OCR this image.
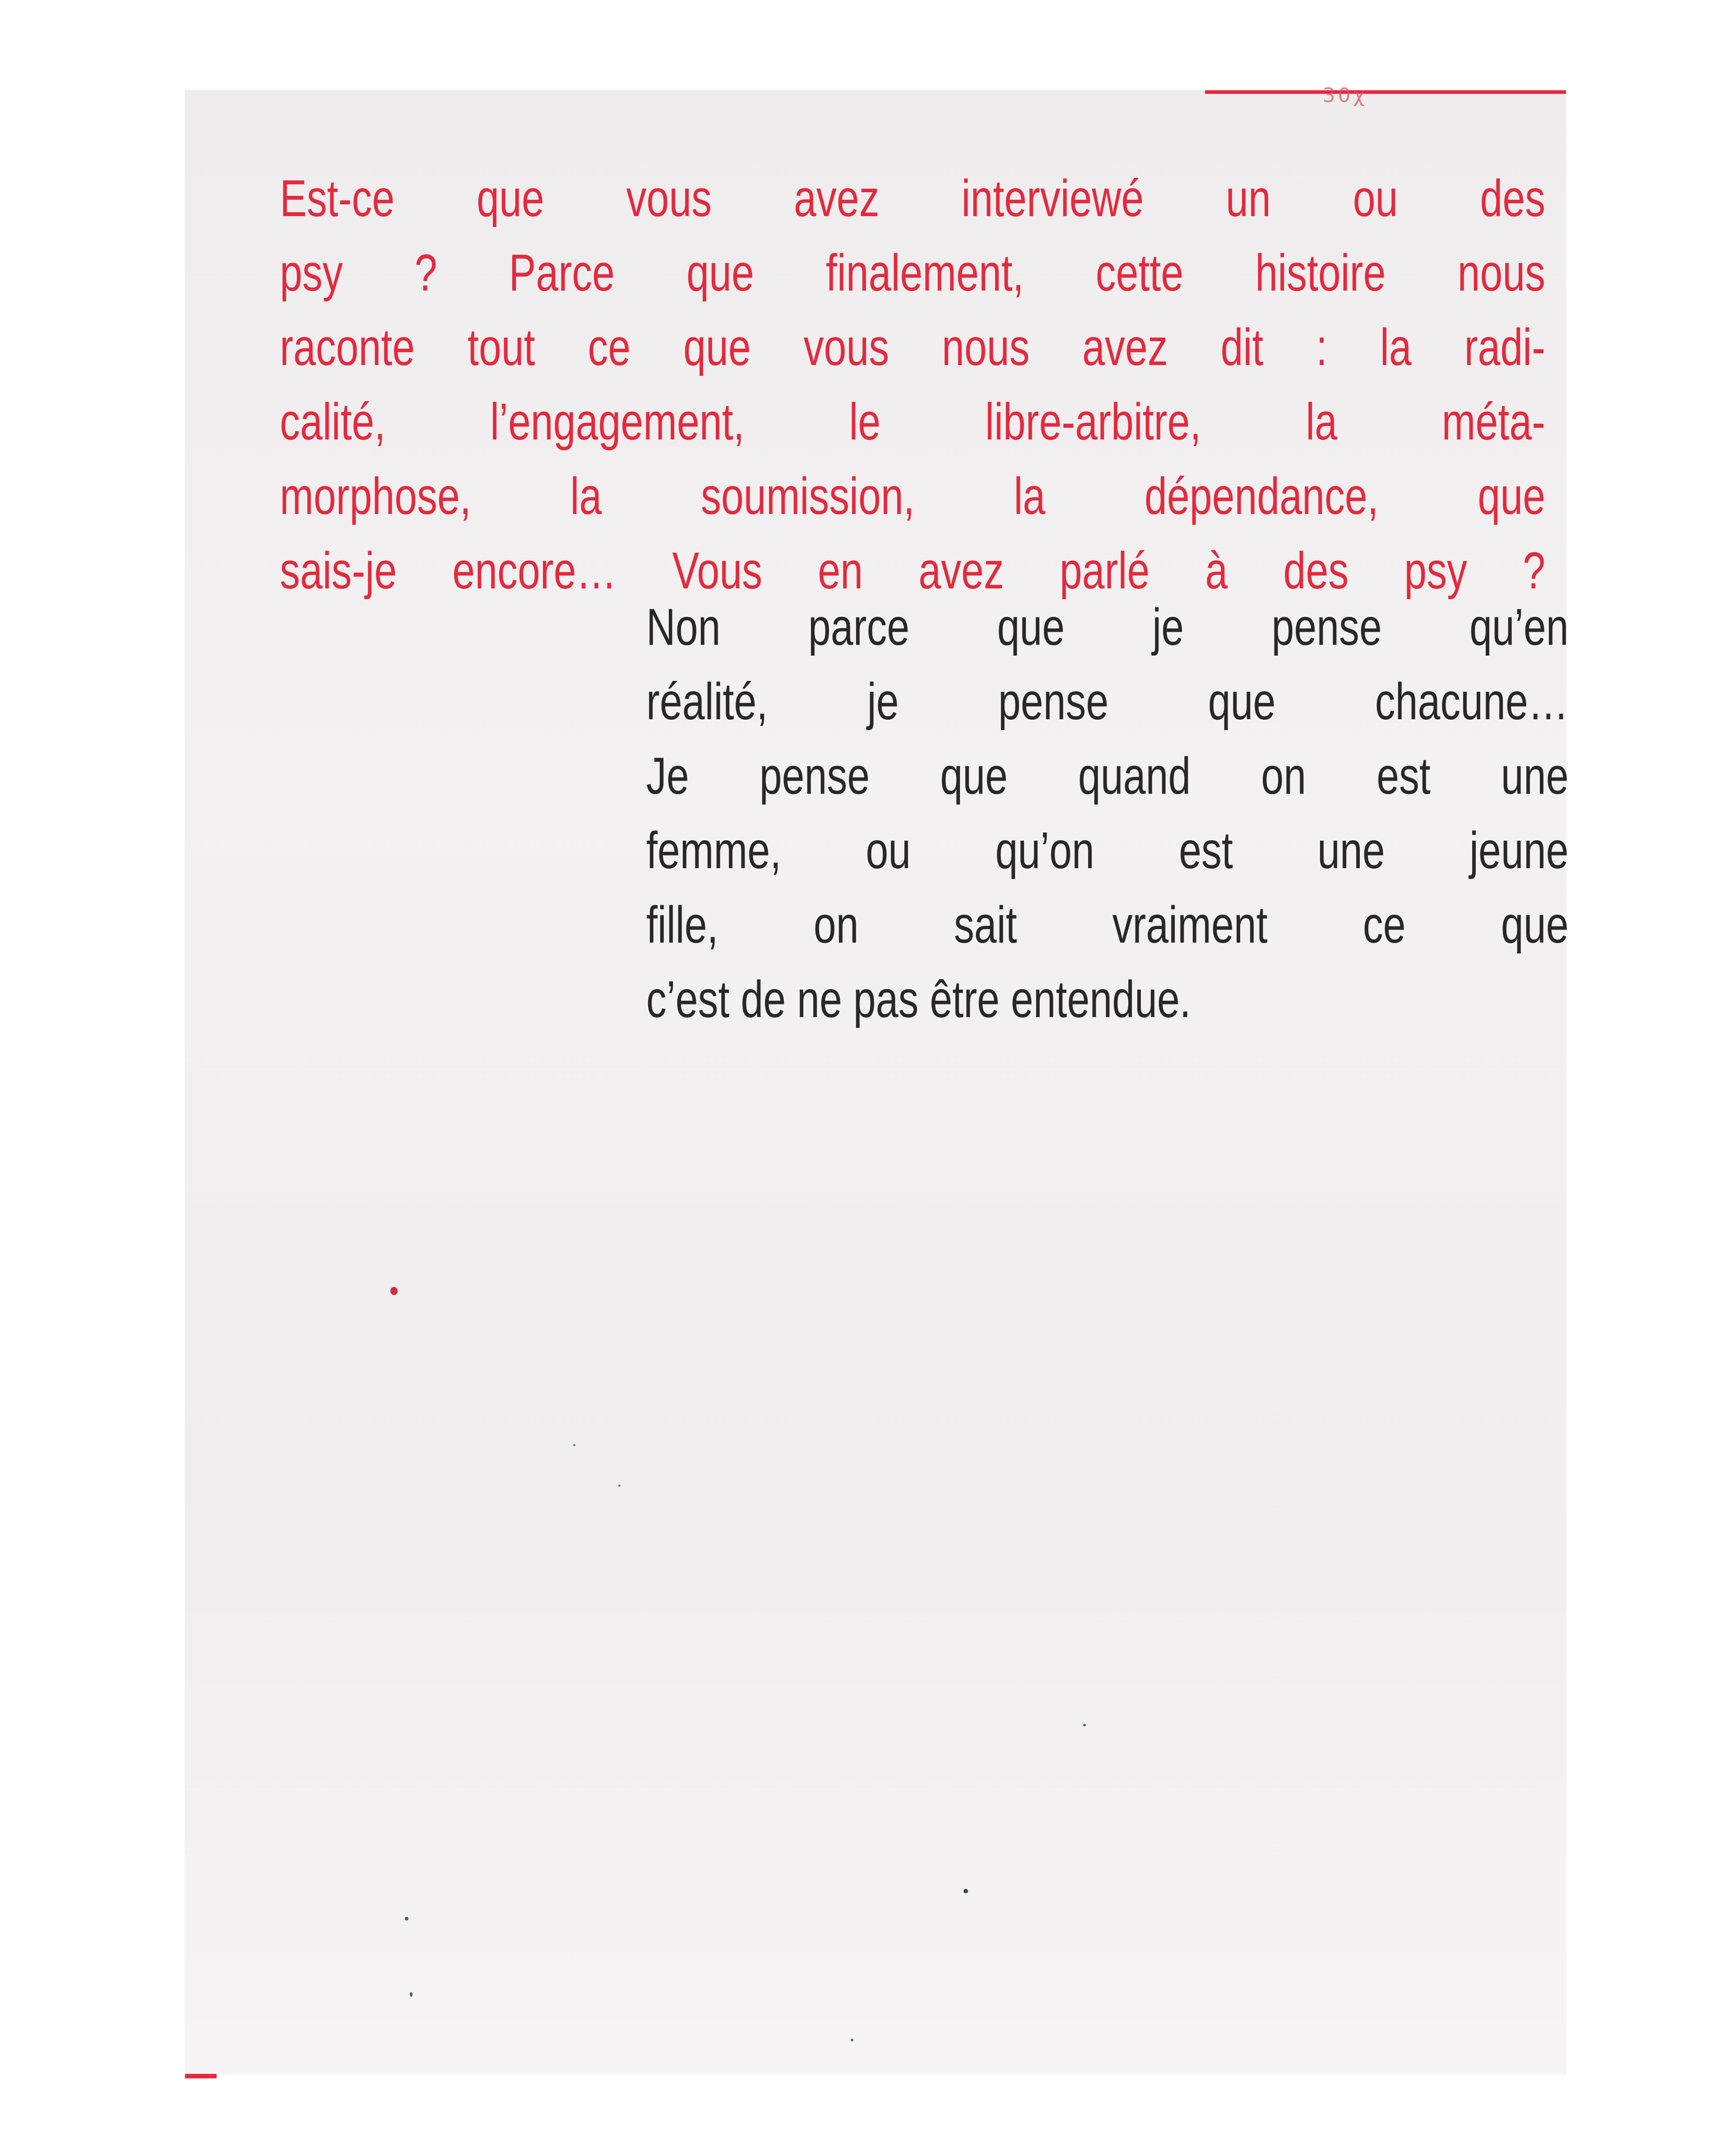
30χ

Est-ce que vous avez interviewé un ou des
psy ? Parce que finalement, cette histoire nous
raconte tout ce que vous nous avez dit : la radi-
calité, l’engagement, le libre-arbitre, la méta-
morphose, la soumission, la dépendance, que
sais-je encore… Vous en avez parlé à des psy ?

Non parce que je pense qu’en
réalité, je pense que chacune…
Je pense que quand on est une
femme, ou qu’on est une jeune
fille, on sait vraiment ce que
c’est de ne pas être entendue.
